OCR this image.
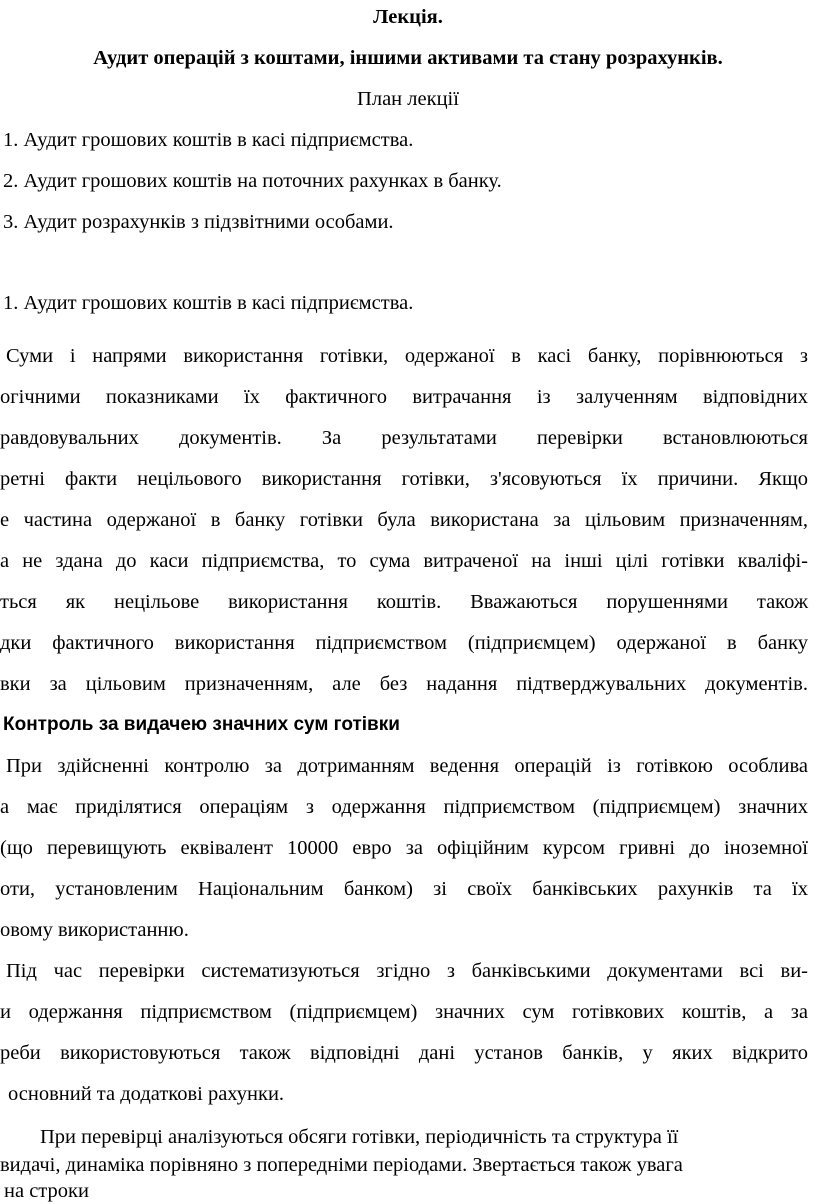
Лекція.
Аудит операцій з коштами, іншими активами та стану розрахунків.
План лекції
1. Аудит грошових коштів в касі підприємства.
2. Аудит грошових коштів на поточних рахунках в банку.
3. Аудит розрахунків з підзвітними особами.
1. Аудит грошових коштів в касі підприємства.
Суми і напрями використання готівки, одержаної в касі банку, порівнюються з
огічними показниками їх фактичного витрачання із залученням відповідних
равдовувальних документів. За результатами перевірки встановлюються
ретні факти нецільового використання готівки, з'ясовуються їх причини. Якщо
е частина одержаної в банку готівки була використана за цільовим призначенням,
а не здана до каси підприємства, то сума витраченої на інші цілі готівки кваліфі-
ться як нецільове використання коштів. Вважаються порушеннями також
дки фактичного використання підприємством (підприємцем) одержаної в банку
вки за цільовим призначенням, але без надання підтверджувальних документів.
Контроль за видачею значних сум готівки
При здійсненні контролю за дотриманням ведення операцій із готівкою особлива
а має приділятися операціям з одержання підприємством (підприємцем) значних
(що перевищують еквівалент 10000 евро за офіційним курсом гривні до іноземної
оти, установленим Національним банком) зі своїх банківських рахунків та їх
овому використанню.
Під час перевірки систематизуються згідно з банківськими документами всі ви-
и одержання підприємством (підприємцем) значних сум готівкових коштів, а за
реби використовуються також відповідні дані установ банків, у яких відкрито
основний та додаткові рахунки.
При перевірці аналізуються обсяги готівки, періодичність та структура її
видачі, динаміка порівняно з попередніми періодами. Звертається також увага
на строки
